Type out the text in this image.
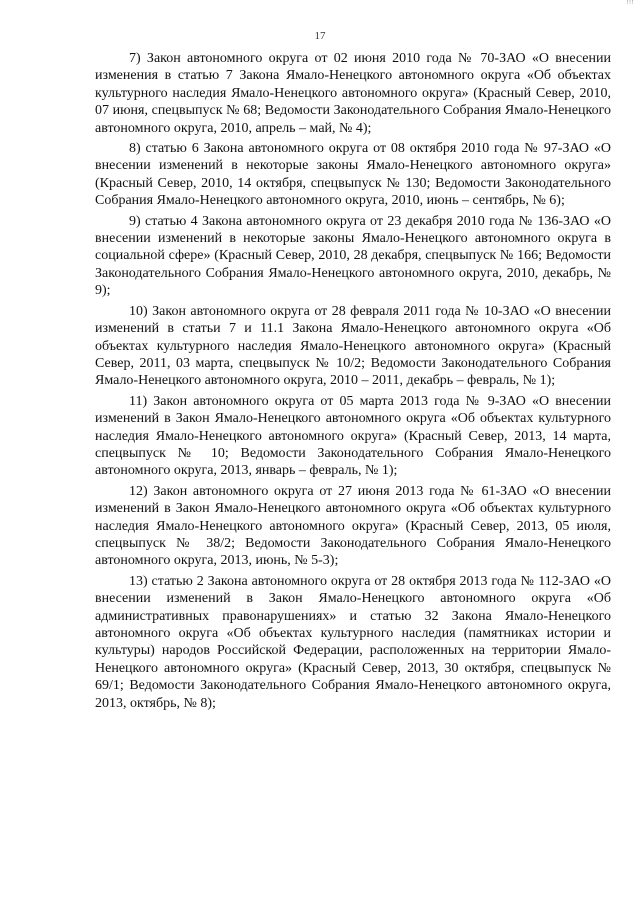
!!!
17

7) Закон автономного округа от 02 июня 2010 года № 70-ЗАО «О внесении изменения в статью 7 Закона Ямало-Ненецкого автономного округа «Об объектах культурного наследия Ямало-Ненецкого автономного округа» (Красный Север, 2010, 07 июня, спецвыпуск № 68; Ведомости Законодательного Собрания Ямало-Ненецкого автономного округа, 2010, апрель – май, № 4);

8) статью 6 Закона автономного округа от 08 октября 2010 года № 97-ЗАО «О внесении изменений в некоторые законы Ямало-Ненецкого автономного округа» (Красный Север, 2010, 14 октября, спецвыпуск № 130; Ведомости Законодательного Собрания Ямало-Ненецкого автономного округа, 2010, июнь – сентябрь, № 6);

9) статью 4 Закона автономного округа от 23 декабря 2010 года № 136-ЗАО «О внесении изменений в некоторые законы Ямало-Ненецкого автономного округа в социальной сфере» (Красный Север, 2010, 28 декабря, спецвыпуск № 166; Ведомости Законодательного Собрания Ямало-Ненецкого автономного округа, 2010, декабрь, № 9);

10) Закон автономного округа от 28 февраля 2011 года № 10-ЗАО «О внесении изменений в статьи 7 и 11.1 Закона Ямало-Ненецкого автономного округа «Об объектах культурного наследия Ямало-Ненецкого автономного округа» (Красный Север, 2011, 03 марта, спецвыпуск № 10/2; Ведомости Законодательного Собрания Ямало-Ненецкого автономного округа, 2010 – 2011, декабрь – февраль, № 1);

11) Закон автономного округа от 05 марта 2013 года № 9-ЗАО «О внесении изменений в Закон Ямало-Ненецкого автономного округа «Об объектах культурного наследия Ямало-Ненецкого автономного округа» (Красный Север, 2013, 14 марта, спецвыпуск № 10; Ведомости Законодательного Собрания Ямало-Ненецкого автономного округа, 2013, январь – февраль, № 1);

12) Закон автономного округа от 27 июня 2013 года № 61-ЗАО «О внесении изменений в Закон Ямало-Ненецкого автономного округа «Об объектах культурного наследия Ямало-Ненецкого автономного округа» (Красный Север, 2013, 05 июля, спецвыпуск № 38/2; Ведомости Законодательного Собрания Ямало-Ненецкого автономного округа, 2013, июнь, № 5-3);

13) статью 2 Закона автономного округа от 28 октября 2013 года № 112-ЗАО «О внесении изменений в Закон Ямало-Ненецкого автономного округа «Об административных правонарушениях» и статью 32 Закона Ямало-Ненецкого автономного округа «Об объектах культурного наследия (памятниках истории и культуры) народов Российской Федерации, расположенных на территории Ямало-Ненецкого автономного округа» (Красный Север, 2013, 30 октября, спецвыпуск № 69/1; Ведомости Законодательного Собрания Ямало-Ненецкого автономного округа, 2013, октябрь, № 8);
